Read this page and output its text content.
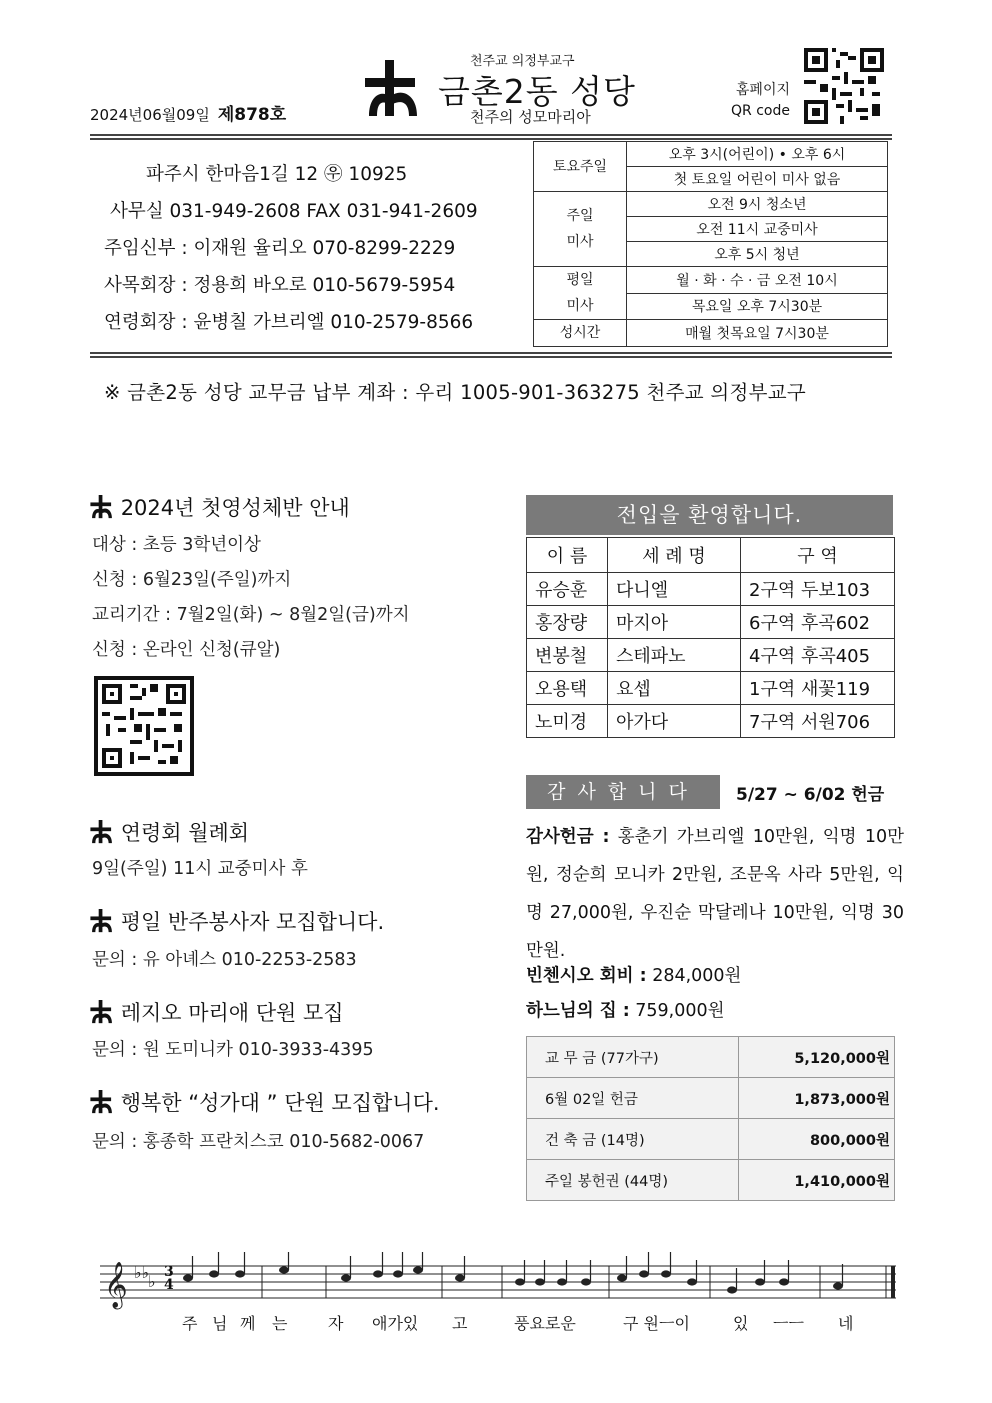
2024년06월09일 제878호
천주교 의정부교구
금촌2동 성당
천주의 성모마리아
홈페이지
QR code
파주시 한마음1길 12 ㉾ 10925
사무실 031-949-2608 FAX 031-941-2609
주임신부 : 이재원 율리오 070-8299-2229
사목회장 : 정용희 바오로 010-5679-5954
연령회장 : 윤병칠 가브리엘 010-2579-8566
토요주일	오후 3시(어린이) • 오후 6시
	첫 토요일 어린이 미사 없음

주일
미사	오전 9시 청소년
	오전 11시 교중미사
	오후 5시 청년

평일
미사	월 · 화 · 수 · 금 오전 10시
	목요일 오후 7시30분
성시간	매월 첫목요일 7시30분
※ 금촌2동 성당 교무금 납부 계좌 : 우리 1005-901-363275 천주교 의정부교구
2024년 첫영성체반 안내
대상 : 초등 3학년이상
신청 : 6월23일(주일)까지
교리기간 : 7월2일(화) ~ 8월2일(금)까지
신청 : 온라인 신청(큐알)
연령회 월례회
9일(주일) 11시 교중미사 후
평일 반주봉사자 모집합니다.
문의 : 유 아녜스 010-2253-2583
레지오 마리애 단원 모집
문의 : 원 도미니카 010-3933-4395
행복한 “성가대 ” 단원 모집합니다.
문의 : 홍종학 프란치스코 010-5682-0067
전입을 환영합니다.
이 름	세 례 명	구 역
유승훈	다니엘	2구역 두보103
홍장량	마지아	6구역 후곡602
변봉철	스테파노	4구역 후곡405
오용택	요셉	1구역 새꽃119
노미경	아가다	7구역 서원706
감사합니다	5/27 ~ 6/02 헌금
감사헌금 : 홍춘기 가브리엘 10만원, 익명 10만원, 정순희 모니카 2만원, 조문옥 사라 5만원, 익명 27,000원, 우진순 막달레나 10만원, 익명 30만원.
빈첸시오 회비 : 284,000원
하느님의 집 : 759,000원
교 무 금 (77가구)	5,120,000원
6월 02일 헌금	1,873,000원
건 축 금 (14명)	800,000원
주일 봉헌권 (44명)	1,410,000원
𝄞 ♭♭
♭ 3
4
주 님 께 는	자 애가있 고	풍요로운	구 원ㅡ이	있 ㅡㅡ 네
